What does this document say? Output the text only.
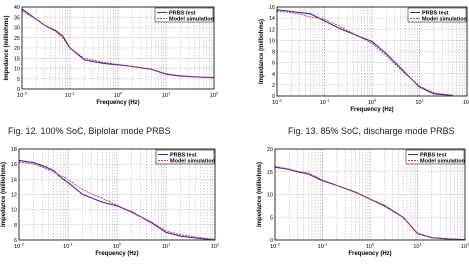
0
5
10
15
20
25
30
35
40
$10^{-2}$	$10^{-1}$	$10^0$	$10^1$	$10^2$
Frequency (Hz)
Impedance (milliohms)
PRBS test
Model simulation
0
2
4
6
8
10
12
14
16
$10^{-2}$	$10^{-1}$	$10^0$	$10^1$	10
Frequency (Hz)
Impedance (milliohms)
PRBS test
Model simulation
6
8
10
12
14
16
18
$10^{-2}$	$10^{-1}$	$10^0$	$10^1$	$10^2$
Frequency (Hz)
Impedance (milliohms)
PRBS test
Model simulation
0
5
10
15
20
$10^{-2}$	$10^{-1}$	$10^0$	$10^1$	$10^2$
Frequency (Hz)
Impedance (milliohms)
PRBS test
Model simulation
Fig. 12. 100% SoC, Biplolar mode PRBS	Fig. 13. 85% SoC, discharge mode PRBS
